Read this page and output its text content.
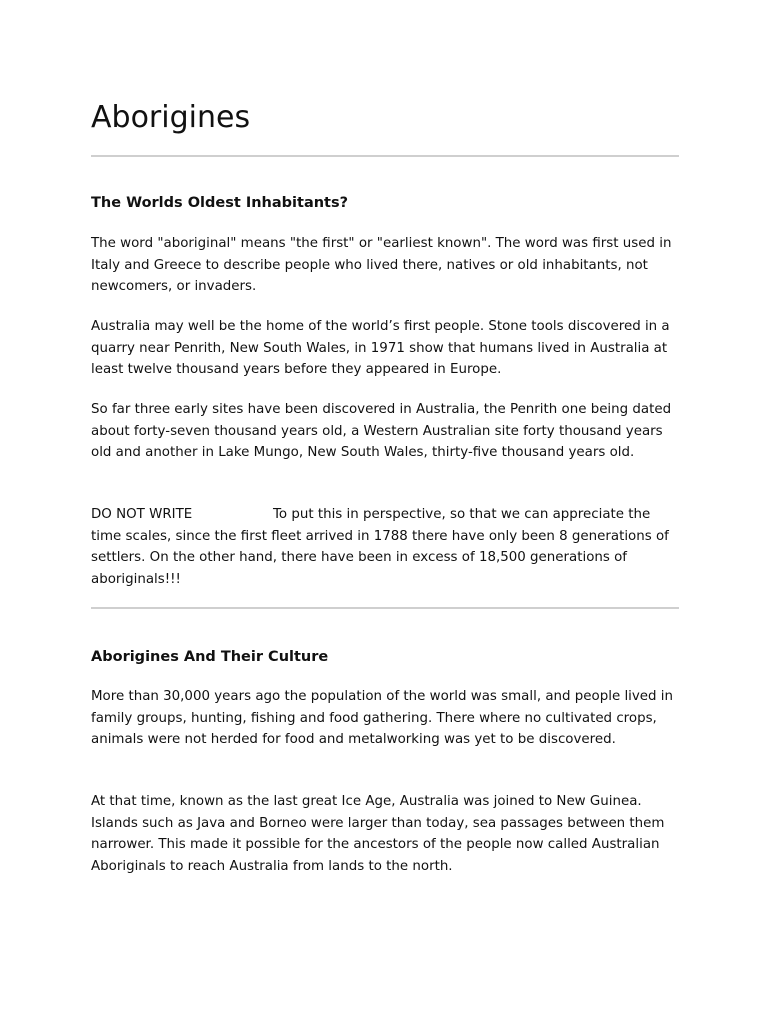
Aborigines
The Worlds Oldest Inhabitants?

The word "aboriginal" means "the first" or "earliest known". The word was first used in Italy and Greece to describe people who lived there, natives or old inhabitants, not newcomers, or invaders.

Australia may well be the home of the world’s first people. Stone tools discovered in a quarry near Penrith, New South Wales, in 1971 show that humans lived in Australia at least twelve thousand years before they appeared in Europe.

So far three early sites have been discovered in Australia, the Penrith one being dated about forty-seven thousand years old, a Western Australian site forty thousand years old and another in Lake Mungo, New South Wales, thirty-five thousand years old.

DO NOT WRITE	To put this in perspective, so that we can appreciate the time scales, since the first fleet arrived in 1788 there have only been 8 generations of settlers. On the other hand, there have been in excess of 18,500 generations of aboriginals!!!

Aborigines And Their Culture

More than 30,000 years ago the population of the world was small, and people lived in family groups, hunting, fishing and food gathering. There where no cultivated crops, animals were not herded for food and metalworking was yet to be discovered.

At that time, known as the last great Ice Age, Australia was joined to New Guinea. Islands such as Java and Borneo were larger than today, sea passages between them narrower. This made it possible for the ancestors of the people now called Australian Aboriginals to reach Australia from lands to the north.
